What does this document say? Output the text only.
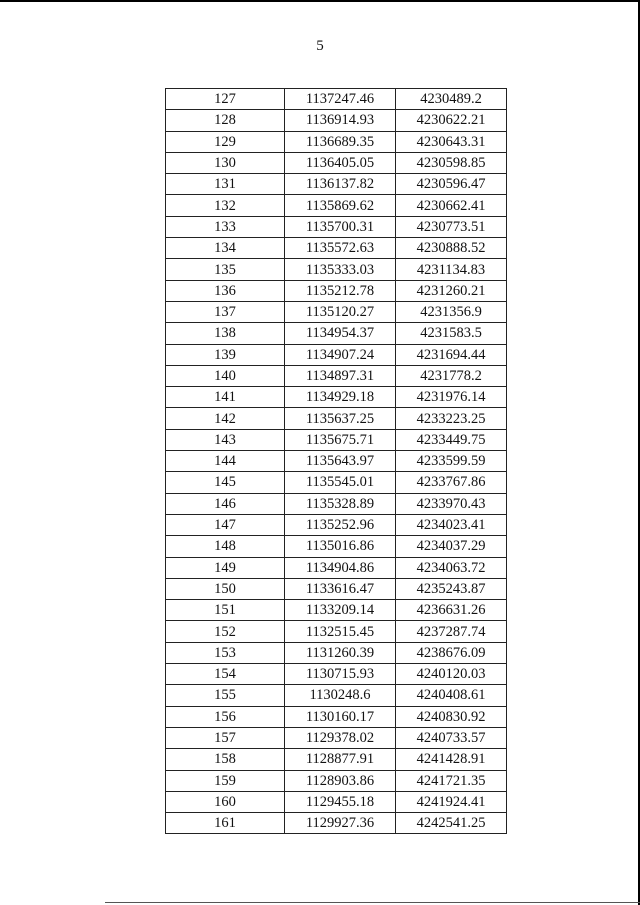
5
127	1137247.46	4230489.2
128	1136914.93	4230622.21
129	1136689.35	4230643.31
130	1136405.05	4230598.85
131	1136137.82	4230596.47
132	1135869.62	4230662.41
133	1135700.31	4230773.51
134	1135572.63	4230888.52
135	1135333.03	4231134.83
136	1135212.78	4231260.21
137	1135120.27	4231356.9
138	1134954.37	4231583.5
139	1134907.24	4231694.44
140	1134897.31	4231778.2
141	1134929.18	4231976.14
142	1135637.25	4233223.25
143	1135675.71	4233449.75
144	1135643.97	4233599.59
145	1135545.01	4233767.86
146	1135328.89	4233970.43
147	1135252.96	4234023.41
148	1135016.86	4234037.29
149	1134904.86	4234063.72
150	1133616.47	4235243.87
151	1133209.14	4236631.26
152	1132515.45	4237287.74
153	1131260.39	4238676.09
154	1130715.93	4240120.03
155	1130248.6	4240408.61
156	1130160.17	4240830.92
157	1129378.02	4240733.57
158	1128877.91	4241428.91
159	1128903.86	4241721.35
160	1129455.18	4241924.41
161	1129927.36	4242541.25
